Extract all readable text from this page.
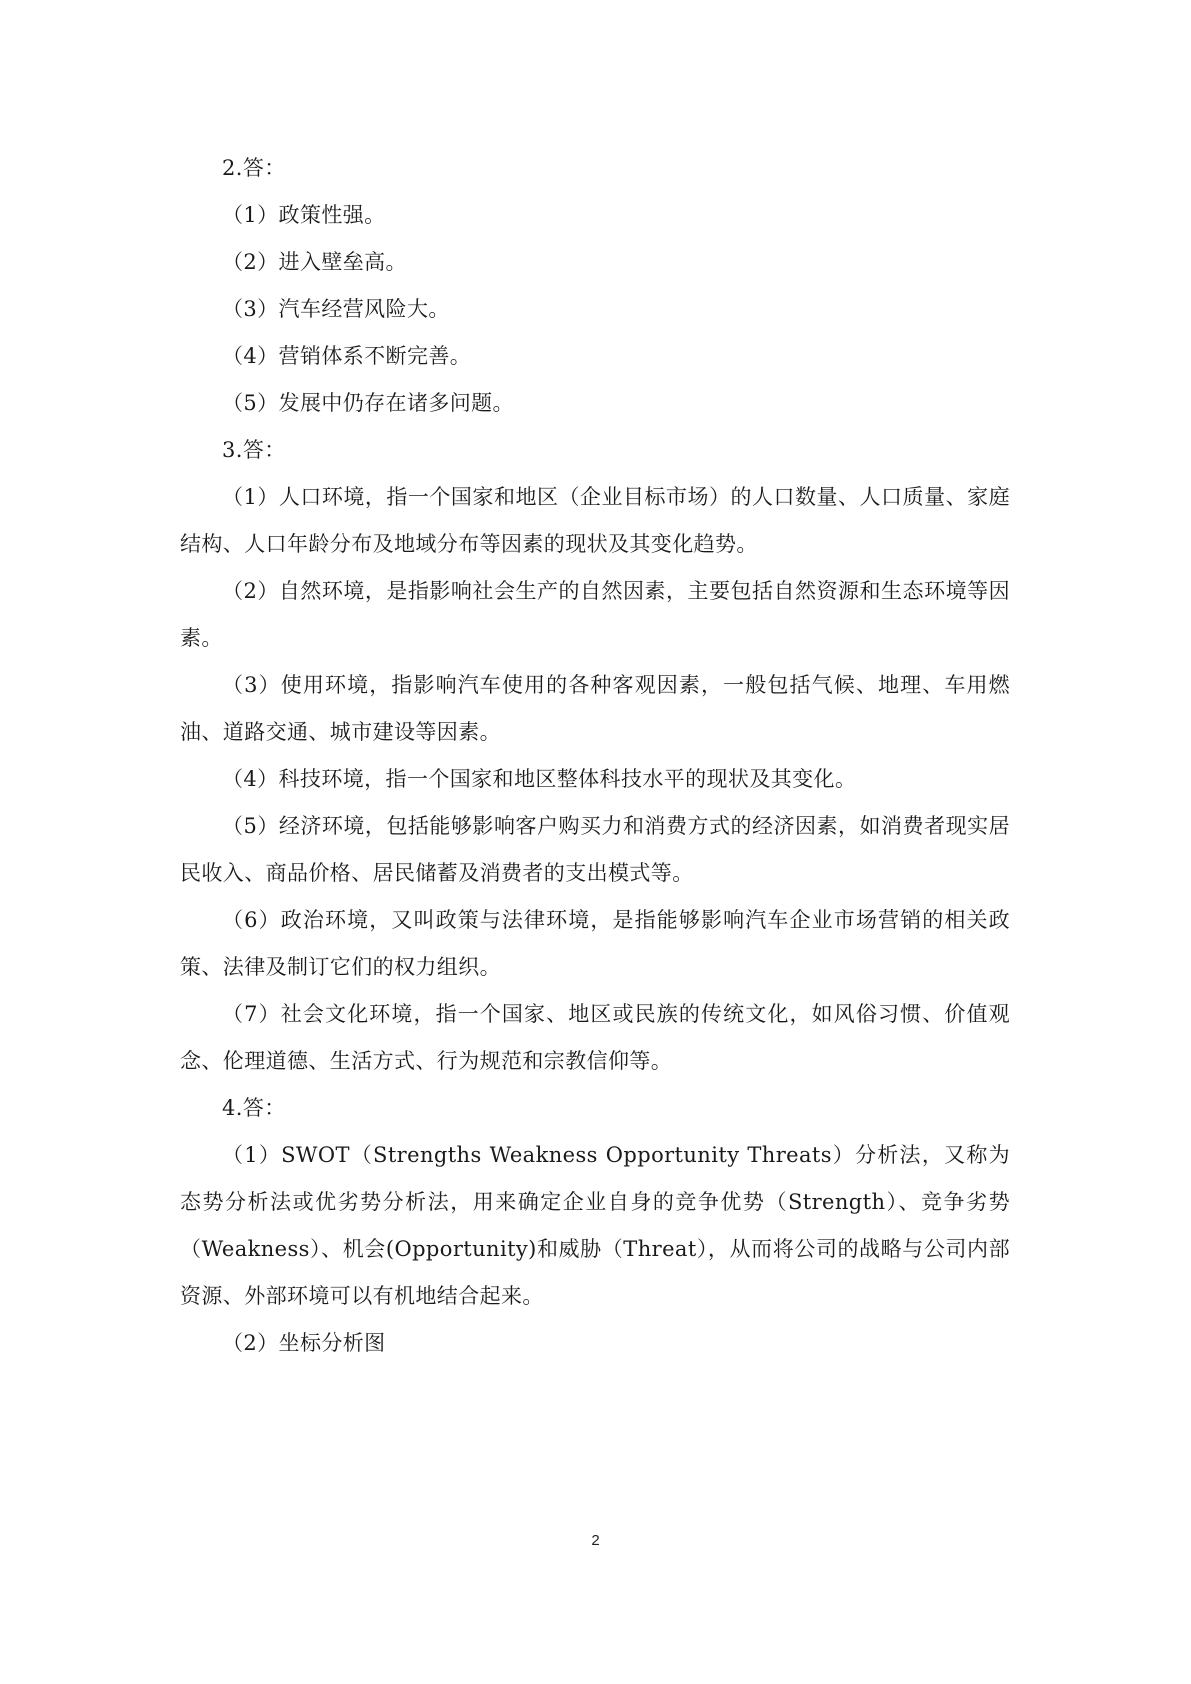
2.答：

（1）政策性强。

（2）进入壁垒高。

（3）汽车经营风险大。

（4）营销体系不断完善。

（5）发展中仍存在诸多问题。

3.答：

（1）人口环境，指一个国家和地区（企业目标市场）的人口数量、人口质量、家庭结构、人口年龄分布及地域分布等因素的现状及其变化趋势。

（2）自然环境，是指影响社会生产的自然因素，主要包括自然资源和生态环境等因素。

（3）使用环境，指影响汽车使用的各种客观因素，一般包括气候、地理、车用燃油、道路交通、城市建设等因素。

（4）科技环境，指一个国家和地区整体科技水平的现状及其变化。

（5）经济环境，包括能够影响客户购买力和消费方式的经济因素，如消费者现实居民收入、商品价格、居民储蓄及消费者的支出模式等。

（6）政治环境，又叫政策与法律环境，是指能够影响汽车企业市场营销的相关政策、法律及制订它们的权力组织。

（7）社会文化环境，指一个国家、地区或民族的传统文化，如风俗习惯、价值观念、伦理道德、生活方式、行为规范和宗教信仰等。

4.答：

（1）SWOT（Strengths Weakness Opportunity Threats）分析法，又称为态势分析法或优劣势分析法，用来确定企业自身的竞争优势（Strength）、竞争劣势（Weakness）、机会(Opportunity)和威胁（Threat），从而将公司的战略与公司内部资源、外部环境可以有机地结合起来。

（2）坐标分析图

2
